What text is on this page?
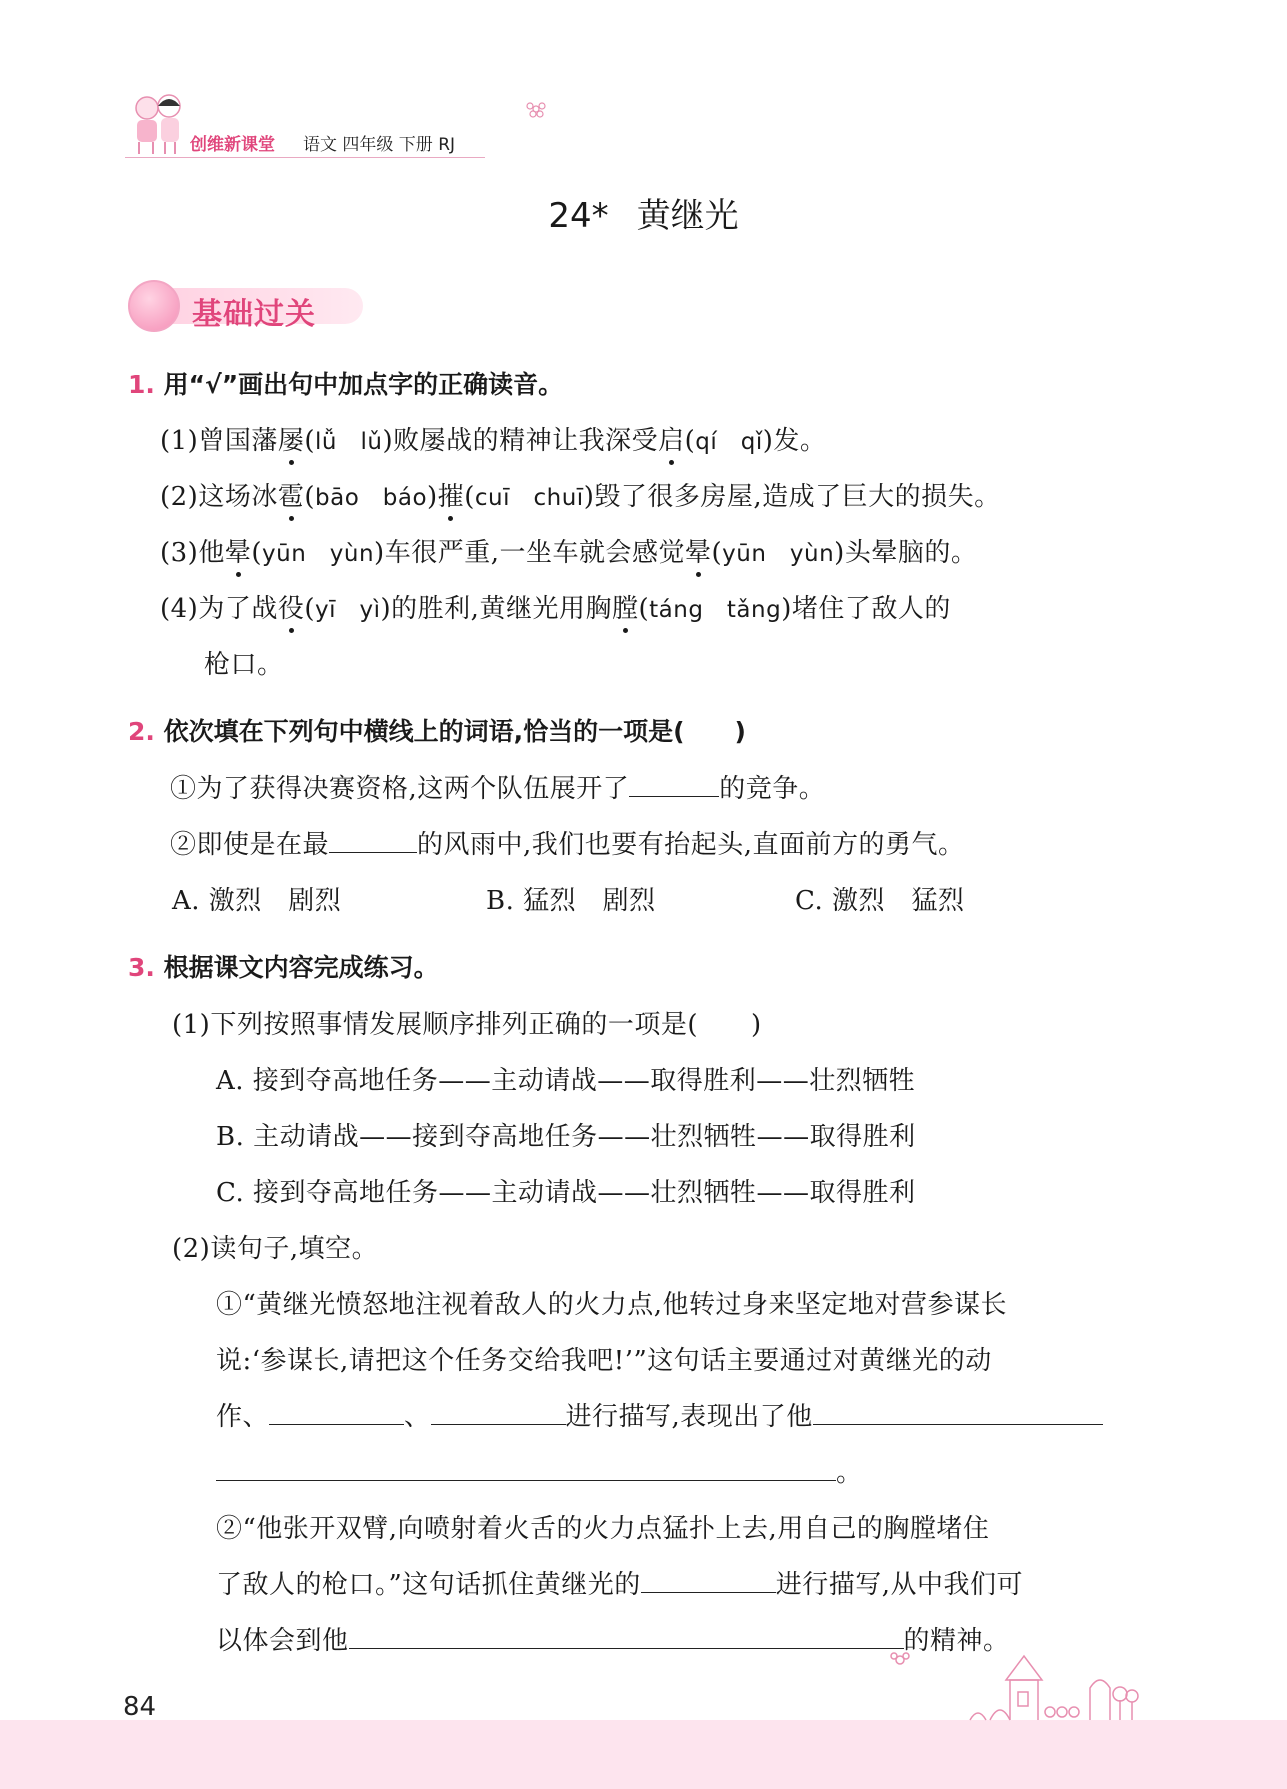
创维新课堂 语文 四年级 下册 RJ
24* 黄继光
基础过关
1. 用“√”画出句中加点字的正确读音。
(1)曾国藩屡(lǚ　lǔ)败屡战的精神让我深受启(qí　qǐ)发。
(2)这场冰雹(bāo　báo)摧(cuī　chuī)毁了很多房屋,造成了巨大的损失。
(3)他晕(yūn　yùn)车很严重,一坐车就会感觉晕(yūn　yùn)头晕脑的。
(4)为了战役(yī　yì)的胜利,黄继光用胸膛(táng　tǎng)堵住了敌人的
枪口。
2. 依次填在下列句中横线上的词语,恰当的一项是(　　)
①为了获得决赛资格,这两个队伍展开了	的竞争。
②即使是在最	的风雨中,我们也要有抬起头,直面前方的勇气。
A. 激烈　剧烈	B. 猛烈　剧烈	C. 激烈　猛烈
3. 根据课文内容完成练习。
(1)下列按照事情发展顺序排列正确的一项是(　　)
A. 接到夺高地任务——主动请战——取得胜利——壮烈牺牲
B. 主动请战——接到夺高地任务——壮烈牺牲——取得胜利
C. 接到夺高地任务——主动请战——壮烈牺牲——取得胜利
(2)读句子,填空。
①“黄继光愤怒地注视着敌人的火力点,他转过身来坚定地对营参谋长
说:‘参谋长,请把这个任务交给我吧!’”这句话主要通过对黄继光的动
作、	、	进行描写,表现出了他
。
②“他张开双臂,向喷射着火舌的火力点猛扑上去,用自己的胸膛堵住
了敌人的枪口。”这句话抓住黄继光的	进行描写,从中我们可
以体会到他	的精神。
84
